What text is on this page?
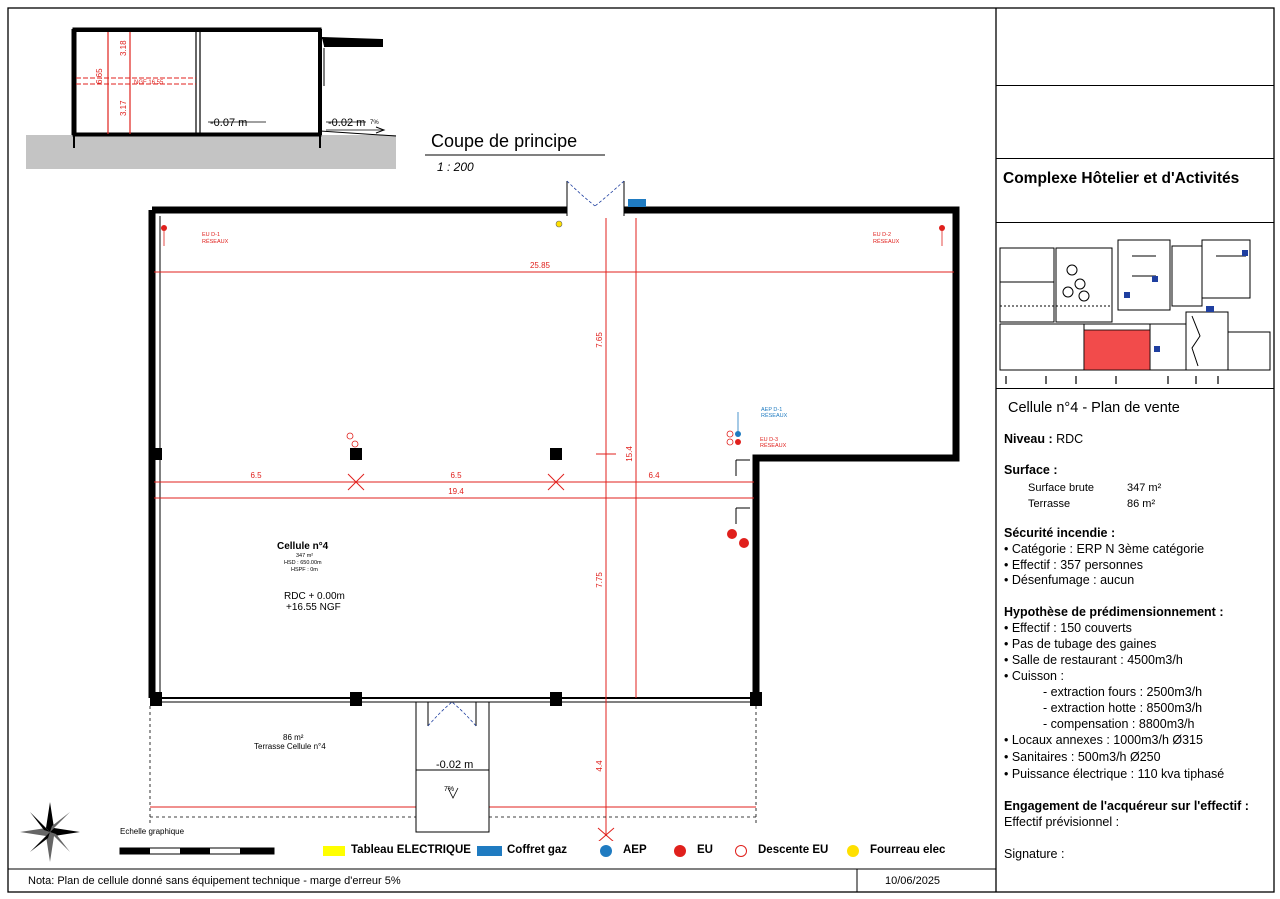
6.65
3.18
3.17
NGF 16.55
-0.07 m	-0.02 m 7%
Coupe de principe
1 : 200
25.85
6.5	6.5	6.4
19.4
7.65
15.4
7.75
4.4
EU D-1
RÉSEAUX
EU D-2
RÉSEAUX
EU D-3
RÉSEAUX
AEP D-1
RÉSEAUX
Cellule n°4
347 m²
HSD : 650.00m
HSPF : 0m
RDC + 0.00m
+16.55 NGF
86 m²
Terrasse Cellule n°4
-0.02 m
7%
Echelle graphique
Tableau ELECTRIQUE	Coffret gaz	AEP	EU	Descente EU	Fourreau elec
Nota: Plan de cellule donné sans équipement technique - marge d'erreur 5%	10/06/2025
Complexe Hôtelier et d'Activités
Cellule n°4 - Plan de vente
Niveau : RDC
Surface :
Surface brute	347 m²
Terrasse	86 m²
Sécurité incendie :
• Catégorie : ERP N 3ème catégorie
• Effectif : 357 personnes
• Désenfumage : aucun
Hypothèse de prédimensionnement :
• Effectif : 150 couverts
• Pas de tubage des gaines
• Salle de restaurant : 4500m3/h
• Cuisson :
- extraction fours : 2500m3/h
- extraction hotte : 8500m3/h
- compensation : 8800m3/h
• Locaux annexes : 1000m3/h Ø315
• Sanitaires : 500m3/h Ø250
• Puissance électrique : 110 kva tiphasé
Engagement de l'acquéreur sur l'effectif :
Effectif prévisionnel :
Signature :
